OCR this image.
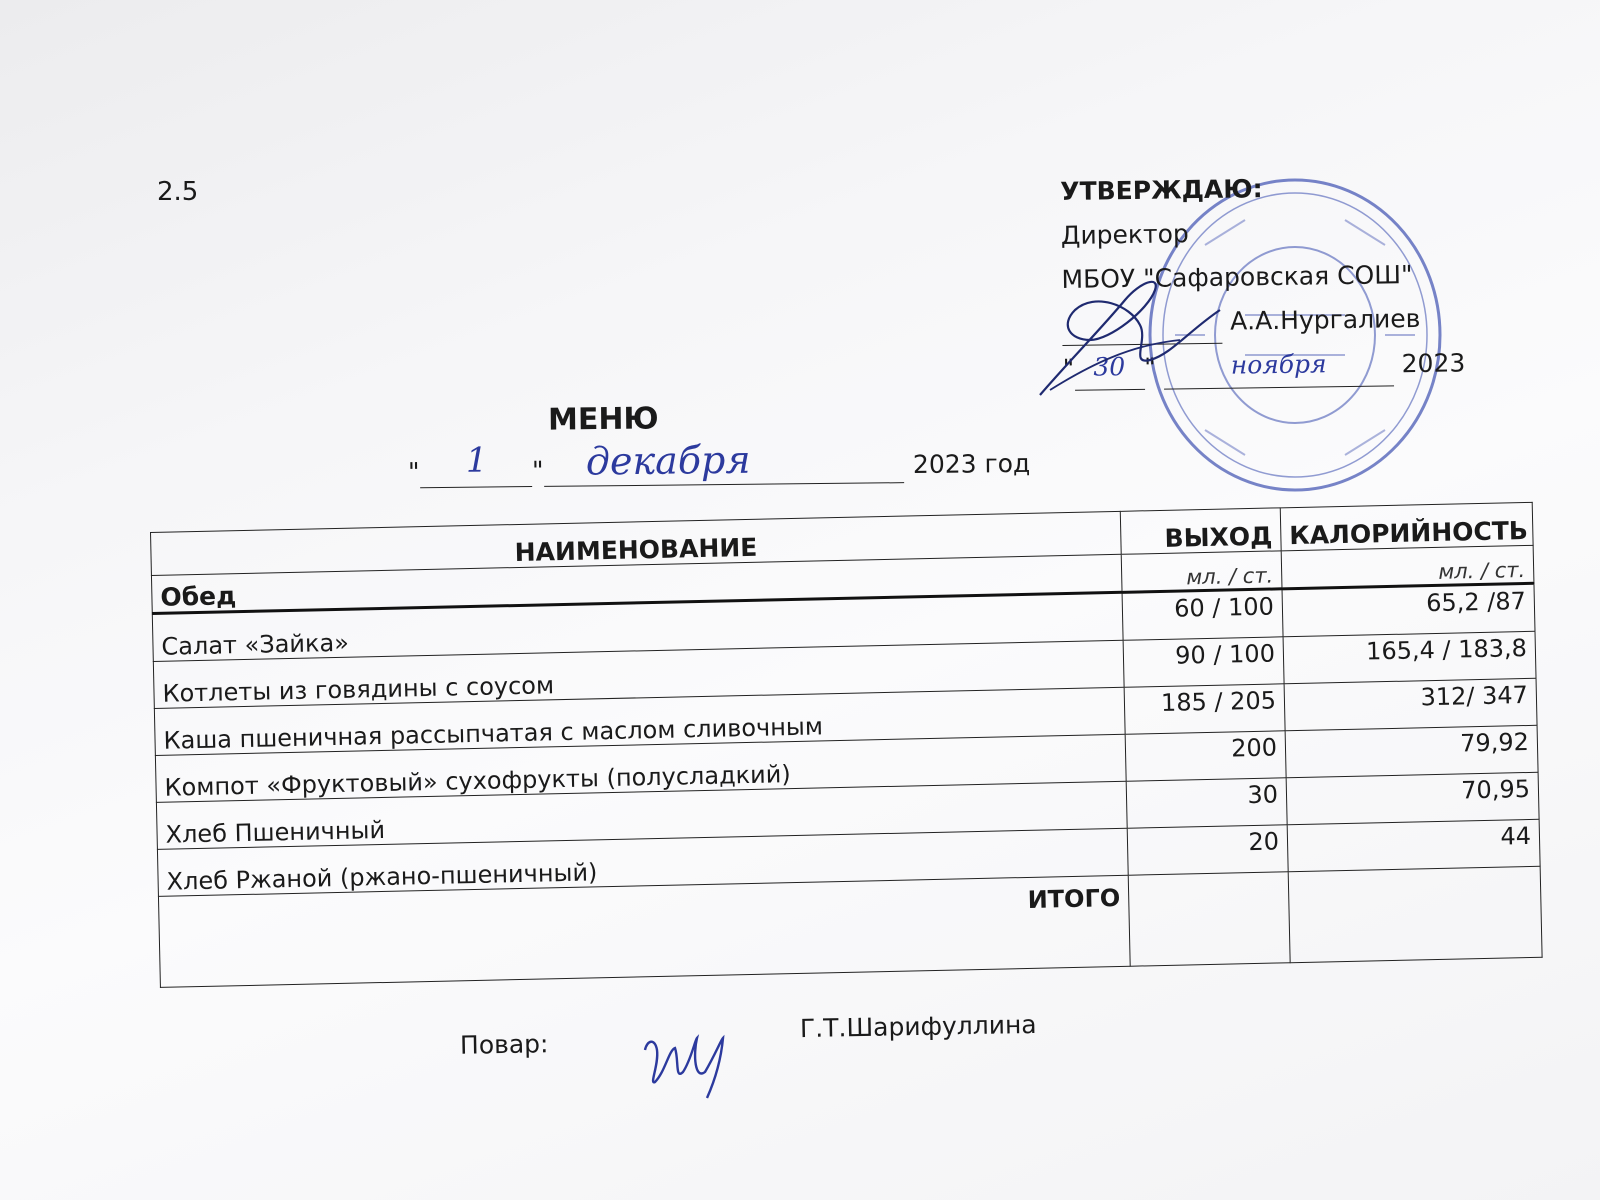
2.5	УТВЕРЖДАЮ:
Директор
МБОУ "Сафаровская СОШ"
А.А.Нургалиев
" 30 "	ноября	2023
МЕНЮ
" 1 " декабря	2023 год
НАИМЕНОВАНИЕ	ВЫХОД	КАЛОРИЙНОСТЬ
Обед	мл. / ст.	мл. / ст.
Салат «Зайка»	60 / 100	65,2 /87
Котлеты из говядины с соусом	90 / 100	165,4 / 183,8
Каша пшеничная рассыпчатая с маслом сливочным	185 / 205	312/ 347
Компот «Фруктовый» сухофрукты (полусладкий)	200	79,92
Хлеб Пшеничный	30	70,95
Хлеб Ржаной (ржано-пшеничный)	20	44
ИТОГО		
Повар:
Г.Т.Шарифуллина
